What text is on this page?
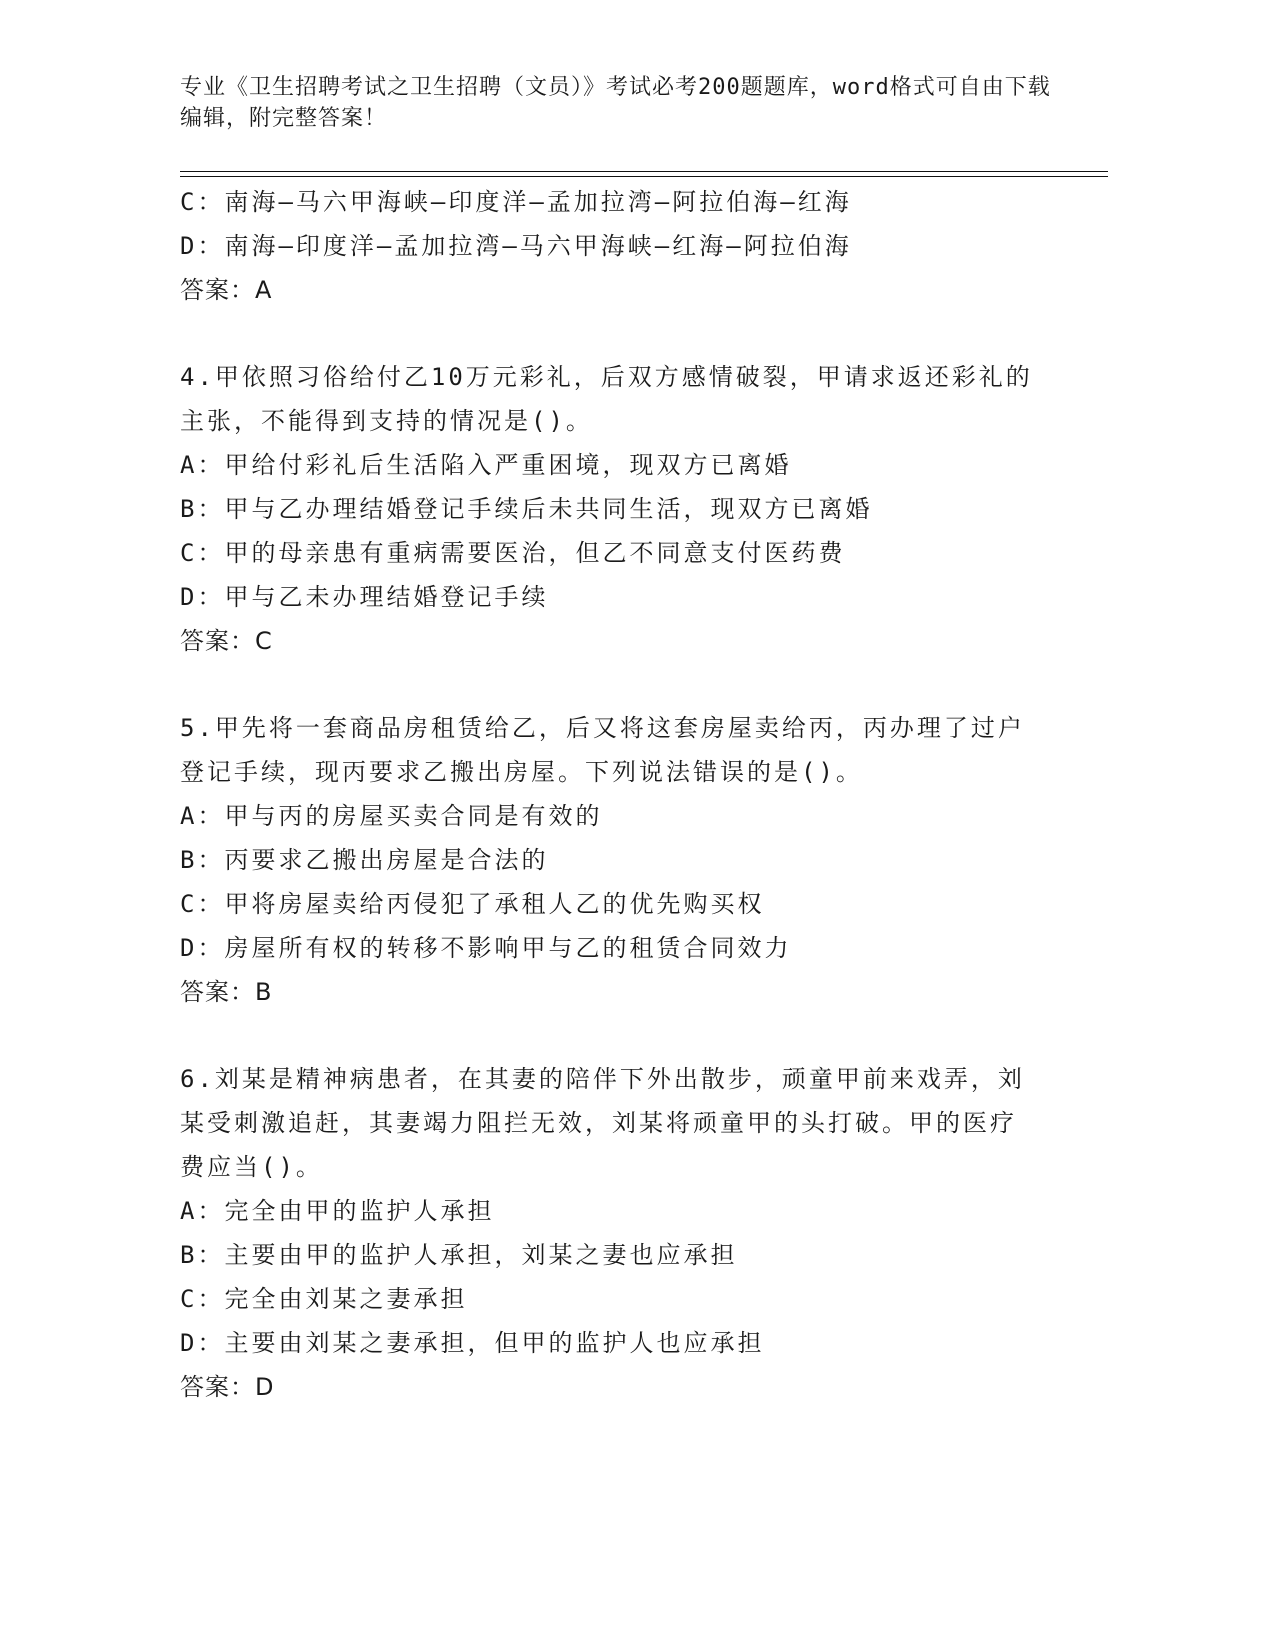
专业《卫生招聘考试之卫生招聘（文员）》考试必考200题题库，word格式可自由下载编辑，附完整答案！
C：南海—马六甲海峡—印度洋—孟加拉湾—阿拉伯海—红海
D：南海—印度洋—孟加拉湾—马六甲海峡—红海—阿拉伯海
答案：A
4.甲依照习俗给付乙10万元彩礼，后双方感情破裂，甲请求返还彩礼的主张，不能得到支持的情况是()。
A：甲给付彩礼后生活陷入严重困境，现双方已离婚
B：甲与乙办理结婚登记手续后未共同生活，现双方已离婚
C：甲的母亲患有重病需要医治，但乙不同意支付医药费
D：甲与乙未办理结婚登记手续
答案：C
5.甲先将一套商品房租赁给乙，后又将这套房屋卖给丙，丙办理了过户登记手续，现丙要求乙搬出房屋。下列说法错误的是()。
A：甲与丙的房屋买卖合同是有效的
B：丙要求乙搬出房屋是合法的
C：甲将房屋卖给丙侵犯了承租人乙的优先购买权
D：房屋所有权的转移不影响甲与乙的租赁合同效力
答案：B
6.刘某是精神病患者，在其妻的陪伴下外出散步，顽童甲前来戏弄，刘某受刺激追赶，其妻竭力阻拦无效，刘某将顽童甲的头打破。甲的医疗费应当()。
A：完全由甲的监护人承担
B：主要由甲的监护人承担，刘某之妻也应承担
C：完全由刘某之妻承担
D：主要由刘某之妻承担，但甲的监护人也应承担
答案：D
